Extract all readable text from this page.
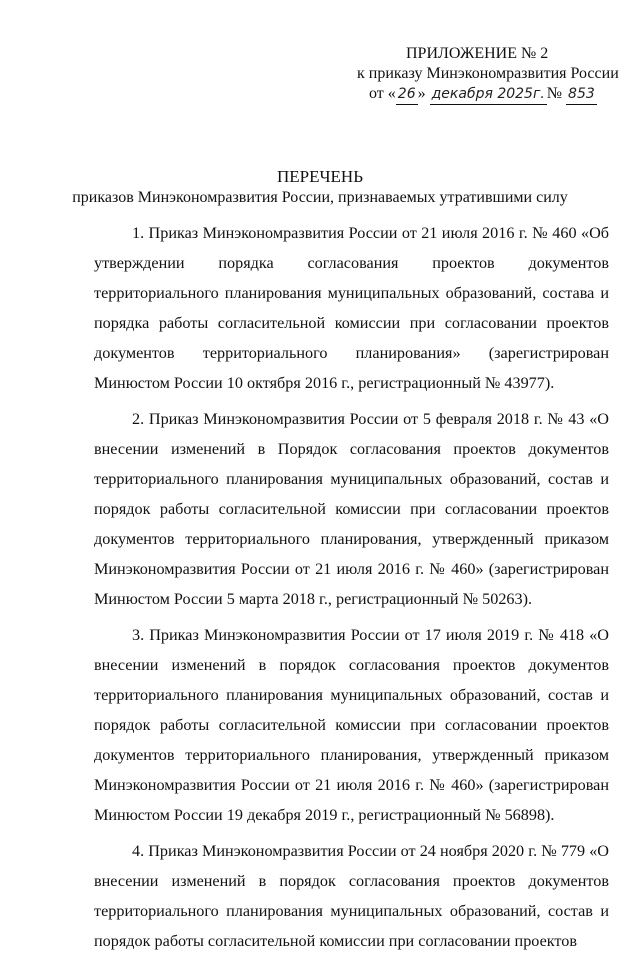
ПРИЛОЖЕНИЕ № 2
к приказу Минэкономразвития России
от « 26 » декабря 2025г. № 853
ПЕРЕЧЕНЬ
приказов Минэкономразвития России, признаваемых утратившими силу

1. Приказ Минэкономразвития России от 21 июля 2016 г. № 460 «Об утверждении порядка согласования проектов документов территориального планирования муниципальных образований, состава и порядка работы согласительной комиссии при согласовании проектов документов территориального планирования» (зарегистрирован Минюстом России 10 октября 2016 г., регистрационный № 43977).

2. Приказ Минэкономразвития России от 5 февраля 2018 г. № 43 «О внесении изменений в Порядок согласования проектов документов территориального планирования муниципальных образований, состав и порядок работы согласительной комиссии при согласовании проектов документов территориального планирования, утвержденный приказом Минэкономразвития России от 21 июля 2016 г. № 460» (зарегистрирован Минюстом России 5 марта 2018 г., регистрационный № 50263).

3. Приказ Минэкономразвития России от 17 июля 2019 г. № 418 «О внесении изменений в порядок согласования проектов документов территориального планирования муниципальных образований, состав и порядок работы согласительной комиссии при согласовании проектов документов территориального планирования, утвержденный приказом Минэкономразвития России от 21 июля 2016 г. № 460» (зарегистрирован Минюстом России 19 декабря 2019 г., регистрационный № 56898).

4. Приказ Минэкономразвития России от 24 ноября 2020 г. № 779 «О внесении изменений в порядок согласования проектов документов территориального планирования муниципальных образований, состав и порядок работы согласительной комиссии при согласовании проектов
